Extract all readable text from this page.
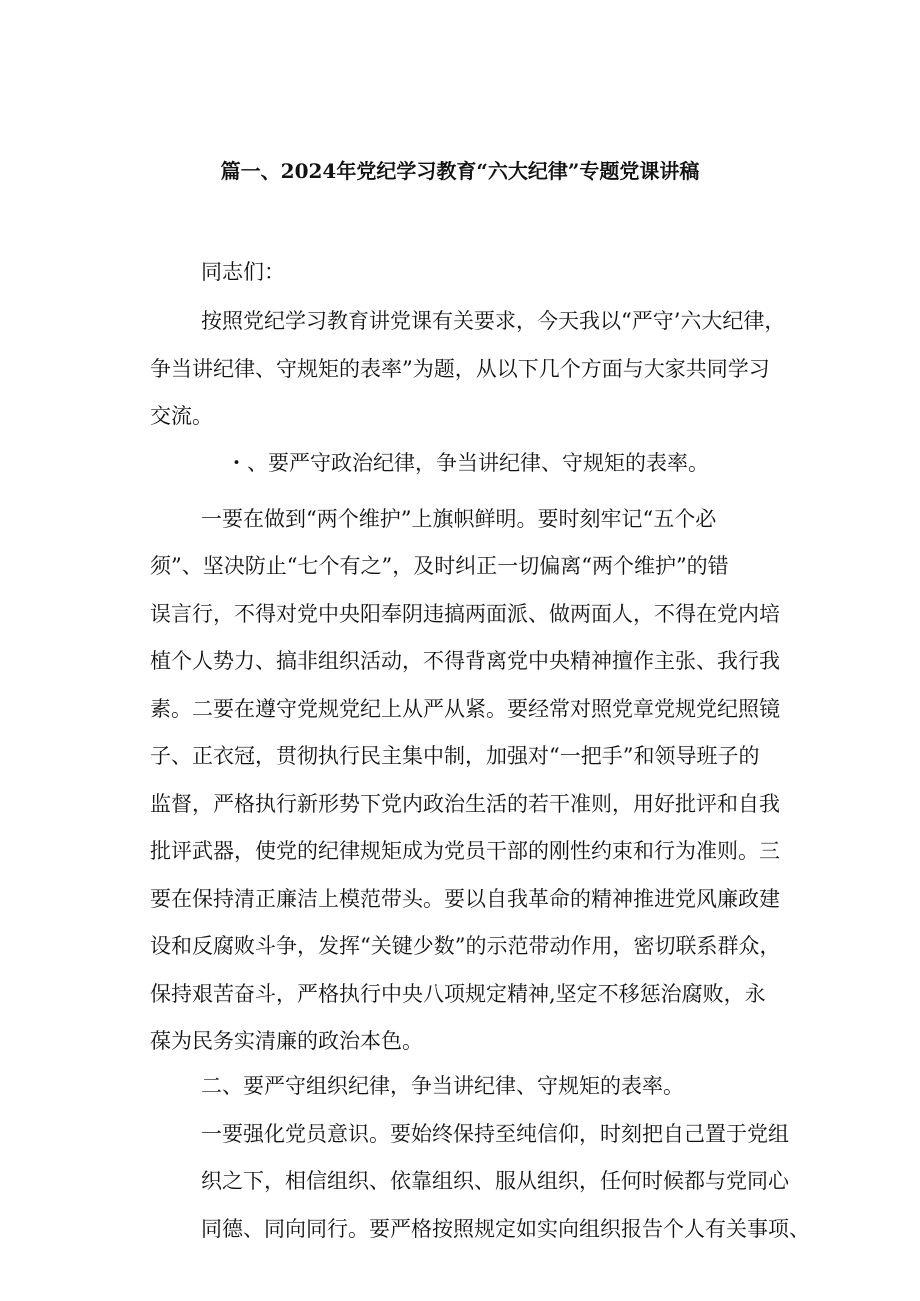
篇一、2024年党纪学习教育“六大纪律”专题党课讲稿
同志们：
按照党纪学习教育讲党课有关要求，今天我以“严守’六大纪律，
争当讲纪律、守规矩的表率”为题，从以下几个方面与大家共同学习
交流。
・、要严守政治纪律，争当讲纪律、守规矩的表率。
一要在做到“两个维护”上旗帜鲜明。要时刻牢记“五个必
须”、坚决防止“七个有之”，及时纠正一切偏离“两个维护”的错
误言行，不得对党中央阳奉阴违搞两面派、做两面人，不得在党内培
植个人势力、搞非组织活动，不得背离党中央精神擅作主张、我行我
素。二要在遵守党规党纪上从严从紧。要经常对照党章党规党纪照镜
子、正衣冠，贯彻执行民主集中制，加强对“一把手”和领导班子的
监督，严格执行新形势下党内政治生活的若干准则，用好批评和自我
批评武器，使党的纪律规矩成为党员干部的刚性约束和行为准则。三
要在保持清正廉洁上模范带头。要以自我革命的精神推进党风廉政建
设和反腐败斗争，发挥“关键少数”的示范带动作用，密切联系群众，
保持艰苦奋斗，严格执行中央八项规定精神,坚定不移惩治腐败，永
葆为民务实清廉的政治本色。
二、要严守组织纪律，争当讲纪律、守规矩的表率。
一要强化党员意识。要始终保持至纯信仰，时刻把自己置于党组
织之下，相信组织、依靠组织、服从组织，任何时候都与党同心
同德、同向同行。要严格按照规定如实向组织报告个人有关事项、
